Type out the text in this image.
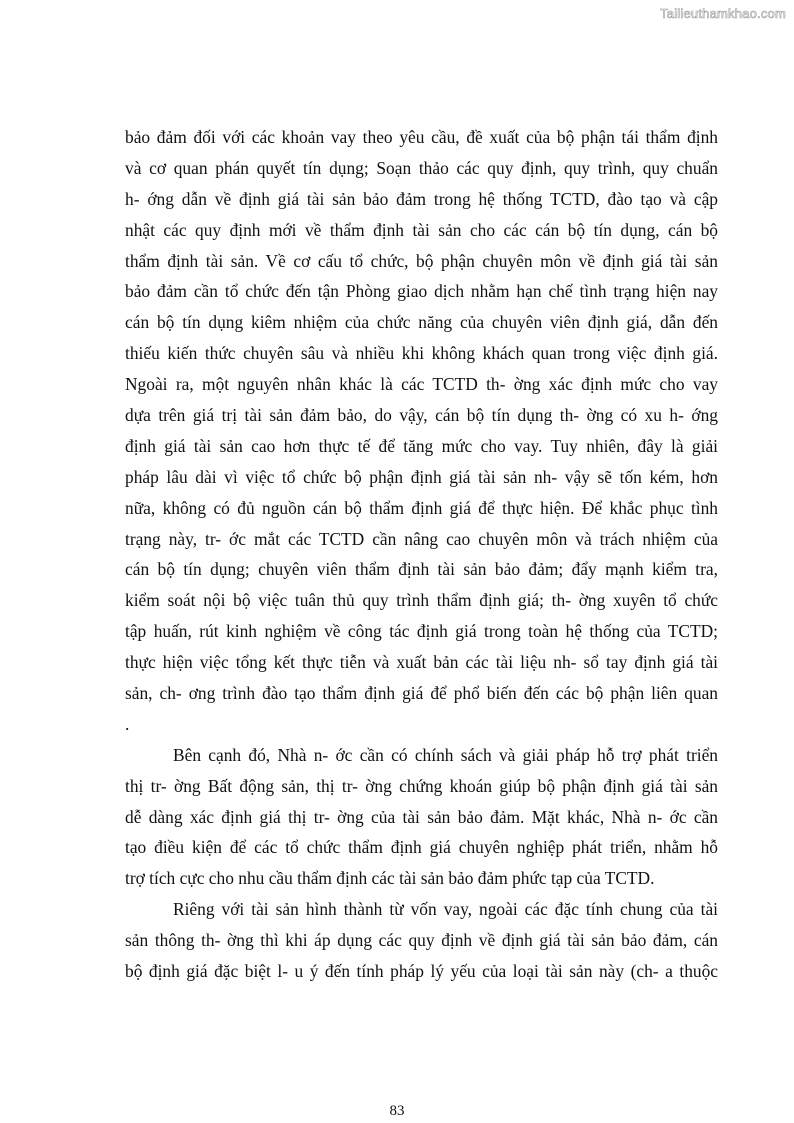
Tailieuthamkhao.com
bảo đảm đối với các khoản vay theo yêu cầu, đề xuất của bộ phận tái thẩm định
và cơ quan phán quyết tín dụng; Soạn thảo các quy định, quy trình, quy chuẩn
h- ớng dẫn về định giá tài sản bảo đảm trong hệ thống TCTD, đào tạo và cập
nhật các quy định mới về thẩm định tài sản cho các cán bộ tín dụng, cán bộ
thẩm định tài sản. Về cơ cấu tổ chức, bộ phận chuyên môn về định giá tài sản
bảo đảm cần tổ chức đến tận Phòng giao dịch nhằm hạn chế tình trạng hiện nay
cán bộ tín dụng kiêm nhiệm của chức năng của chuyên viên định giá, dẫn đến
thiếu kiến thức chuyên sâu và nhiều khi không khách quan trong việc định giá.
Ngoài ra, một nguyên nhân khác là các TCTD th- ờng xác định mức cho vay
dựa trên giá trị tài sản đảm bảo, do vậy, cán bộ tín dụng th- ờng có xu h- ớng
định giá tài sản cao hơn thực tế để tăng mức cho vay. Tuy nhiên, đây là giải
pháp lâu dài vì việc tổ chức bộ phận định giá tài sản nh- vậy sẽ tốn kém, hơn
nữa, không có đủ nguồn cán bộ thẩm định giá để thực hiện. Để khắc phục tình
trạng này, tr- ớc mắt các TCTD cần nâng cao chuyên môn và trách nhiệm của
cán bộ tín dụng; chuyên viên thẩm định tài sản bảo đảm; đẩy mạnh kiểm tra,
kiểm soát nội bộ việc tuân thủ quy trình thẩm định giá; th- ờng xuyên tổ chức
tập huấn, rút kinh nghiệm về công tác định giá trong toàn hệ thống của TCTD;
thực hiện việc tổng kết thực tiễn và xuất bản các tài liệu nh- sổ tay định giá tài
sản, ch- ơng trình đào tạo thẩm định giá để phổ biến đến các bộ phận liên quan
.
Bên cạnh đó, Nhà n- ớc cần có chính sách và giải pháp hỗ trợ phát triển
thị tr- ờng Bất động sản, thị tr- ờng chứng khoán giúp bộ phận định giá tài sản
dễ dàng xác định giá thị tr- ờng của tài sản bảo đảm. Mặt khác, Nhà n- ớc cần
tạo điều kiện để các tổ chức thẩm định giá chuyên nghiệp phát triển, nhằm hỗ
trợ tích cực cho nhu cầu thẩm định các tài sản bảo đảm phức tạp của TCTD.
Riêng với tài sản hình thành từ vốn vay, ngoài các đặc tính chung của tài
sản thông th- ờng thì khi áp dụng các quy định về định giá tài sản bảo đảm, cán
bộ định giá đặc biệt l- u ý đến tính pháp lý yếu của loại tài sản này (ch- a thuộc
83
